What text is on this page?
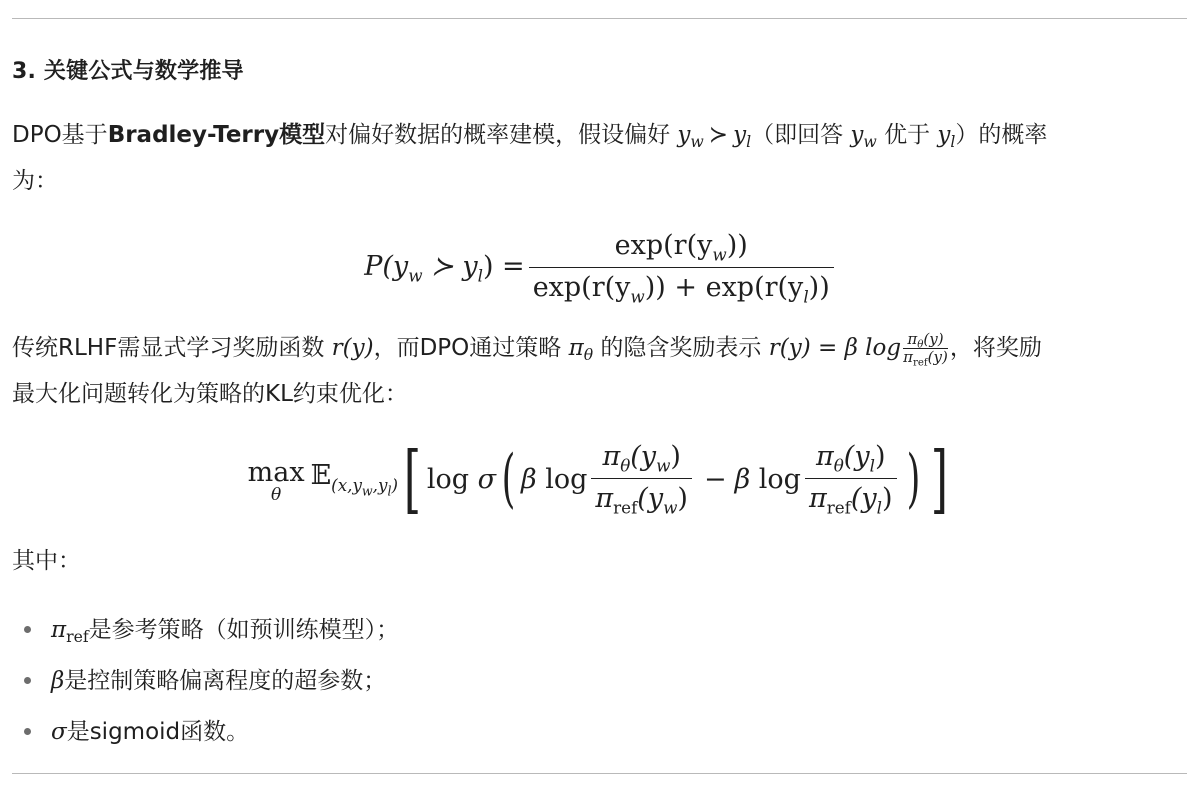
3. 关键公式与数学推导
DPO基于Bradley-Terry模型对偏好数据的概率建模，假设偏好 $y_w$ ≻ $y_l$（即回答 $y_w$ 优于 $y_l$）的概率
为：
$P(y_w$ ≻ $y_l) = \frac{\exp(r(y_w))}{\exp(r(y_w)) + \exp(r(y_l))}$
传统RLHF需显式学习奖励函数 r(y)，而DPO通过策略 $\pi_\theta$ 的隐含奖励表示 r(y) = β $\log \frac{\pi_\theta(y)}{\pi_{ref}(y)}$ ，将奖励
最大化问题转化为策略的KL约束优化：
max
θ
𝔼$_{(x,y_w,y_l)}$ [ log σ ( β $\log \frac{\pi_\theta(y_w)}{\pi_{ref}(y_w)} - \beta$ $\log \frac{\pi_\theta(y_l)}{\pi_{ref}(y_l)}$ ) ]
其中：
$\pi_{ref}$ 是参考策略（如预训练模型）；
β 是控制策略偏离程度的超参数；
σ 是sigmoid函数。
